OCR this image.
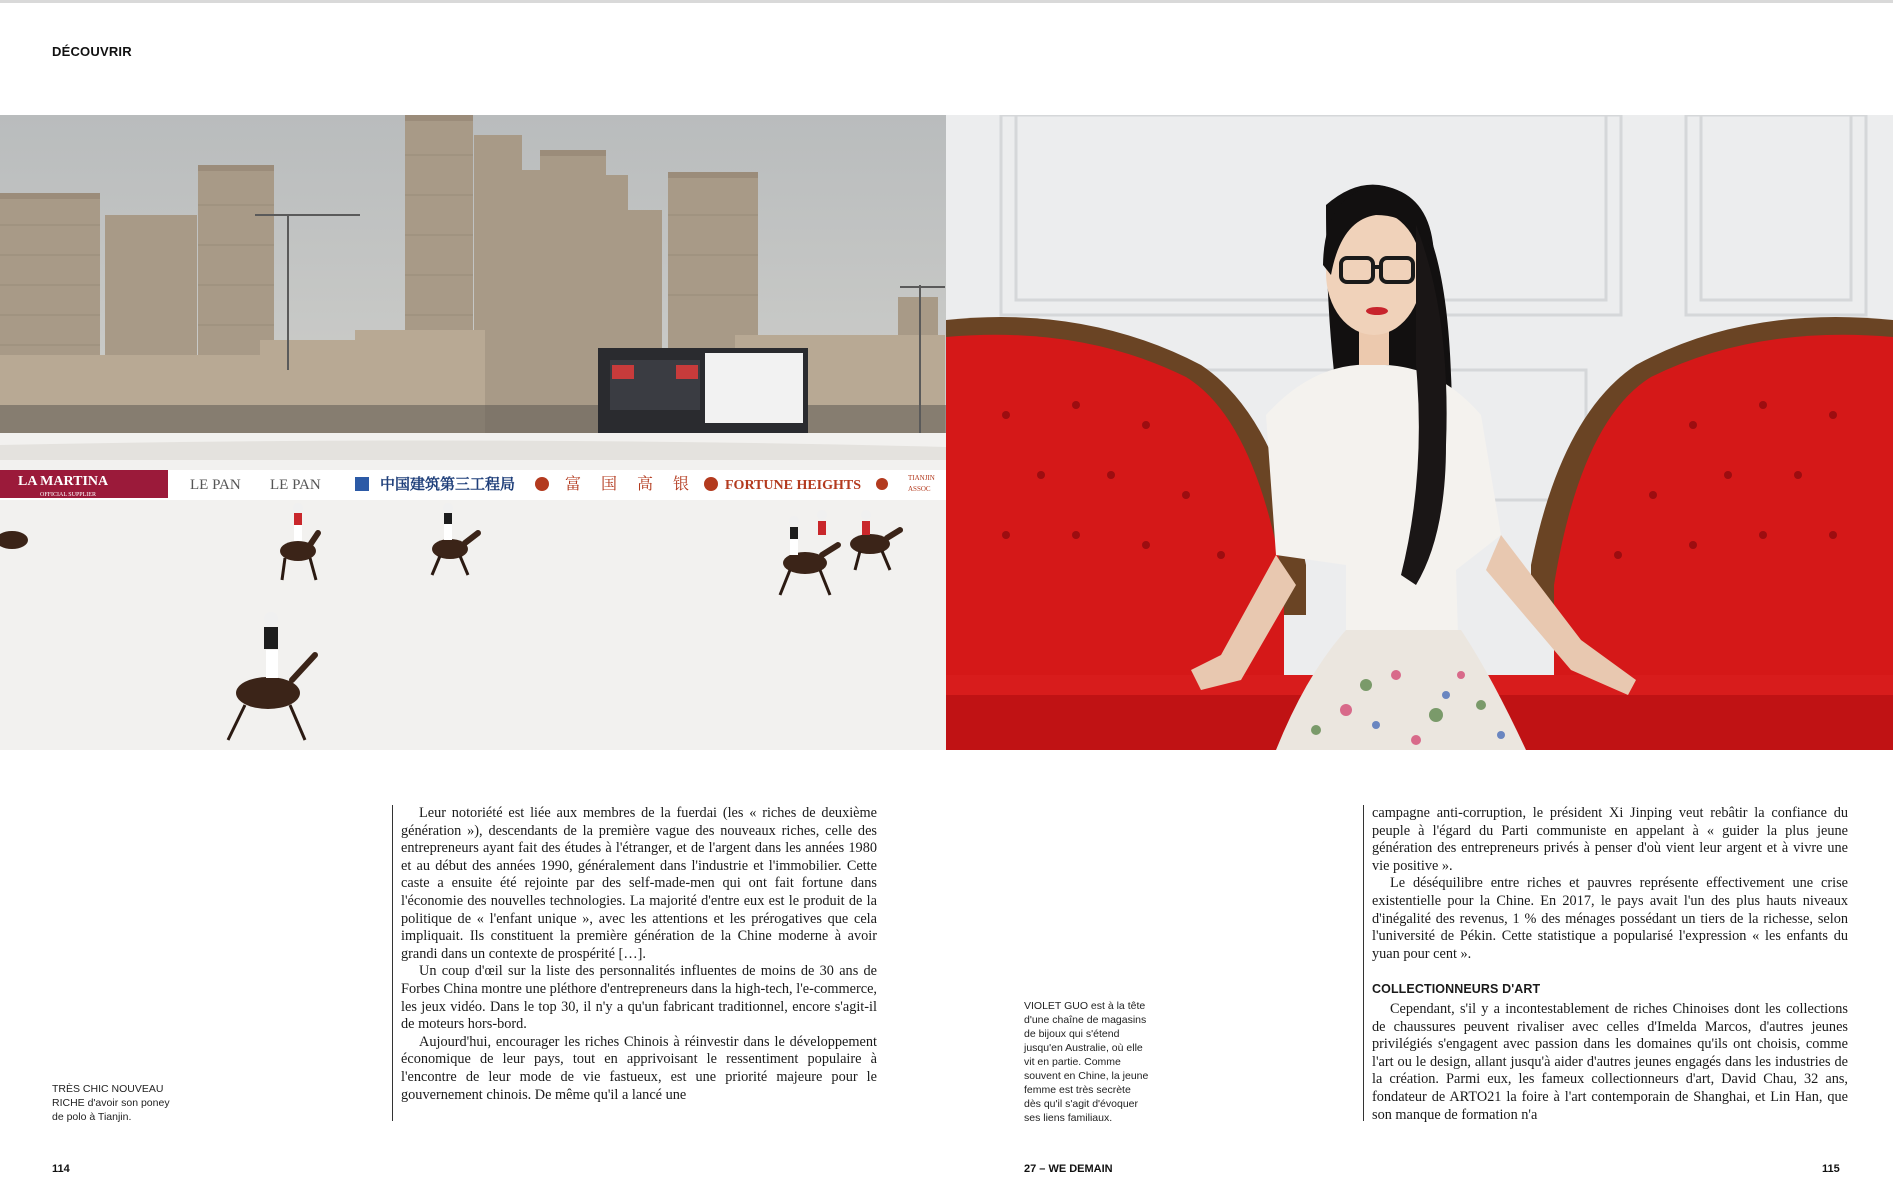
DÉCOUVRIR
LA MARTINA
OFFICIAL SUPPLIER
LE PAN LE PAN	中国建筑第三工程局	富 国 高 银 FORTUNE HEIGHTS	TIANJIN
ASSOC
TRÈS CHIC NOUVEAU RICHE d'avoir son poney de polo à Tianjin.
VIOLET GUO est à la tête d'une chaîne de magasins de bijoux qui s'étend jusqu'en Australie, où elle vit en partie. Comme souvent en Chine, la jeune femme est très secrète dès qu'il s'agit d'évoquer ses liens familiaux.

Leur notoriété est liée aux membres de la fuerdai (les « riches de deuxième génération »), descendants de la première vague des nouveaux riches, celle des entrepreneurs ayant fait des études à l'étranger, et de l'argent dans les années 1980 et au début des années 1990, généralement dans l'industrie et l'immobilier. Cette caste a ensuite été rejointe par des self-made-men qui ont fait fortune dans l'économie des nouvelles technologies. La majorité d'entre eux est le produit de la politique de « l'enfant unique », avec les attentions et les prérogatives que cela impliquait. Ils constituent la première génération de la Chine moderne à avoir grandi dans un contexte de prospérité […].

Un coup d'œil sur la liste des personnalités influentes de moins de 30 ans de Forbes China montre une pléthore d'entrepreneurs dans la high-tech, l'e-commerce, les jeux vidéo. Dans le top 30, il n'y a qu'un fabricant traditionnel, encore s'agit-il de moteurs hors-bord.

Aujourd'hui, encourager les riches Chinois à réinvestir dans le développement économique de leur pays, tout en apprivoisant le ressentiment populaire à l'encontre de leur mode de vie fastueux, est une priorité majeure pour le gouvernement chinois. De même qu'il a lancé une

campagne anti-corruption, le président Xi Jinping veut rebâtir la confiance du peuple à l'égard du Parti communiste en appelant à « guider la plus jeune génération des entrepreneurs privés à penser d'où vient leur argent et à vivre une vie positive ».

Le déséquilibre entre riches et pauvres représente effectivement une crise existentielle pour la Chine. En 2017, le pays avait l'un des plus hauts niveaux d'inégalité des revenus, 1 % des ménages possédant un tiers de la richesse, selon l'université de Pékin. Cette statistique a popularisé l'expression « les enfants du yuan pour cent ».

COLLECTIONNEURS D'ART

Cependant, s'il y a incontestablement de riches Chinoises dont les collections de chaussures peuvent rivaliser avec celles d'Imelda Marcos, d'autres jeunes privilégiés s'engagent avec passion dans les domaines qu'ils ont choisis, comme l'art ou le design, allant jusqu'à aider d'autres jeunes engagés dans les industries de la création. Parmi eux, les fameux collectionneurs d'art, David Chau, 32 ans, fondateur de ARTO21 la foire à l'art contemporain de Shanghai, et Lin Han, que son manque de formation n'a

114	27 – WE DEMAIN	115
